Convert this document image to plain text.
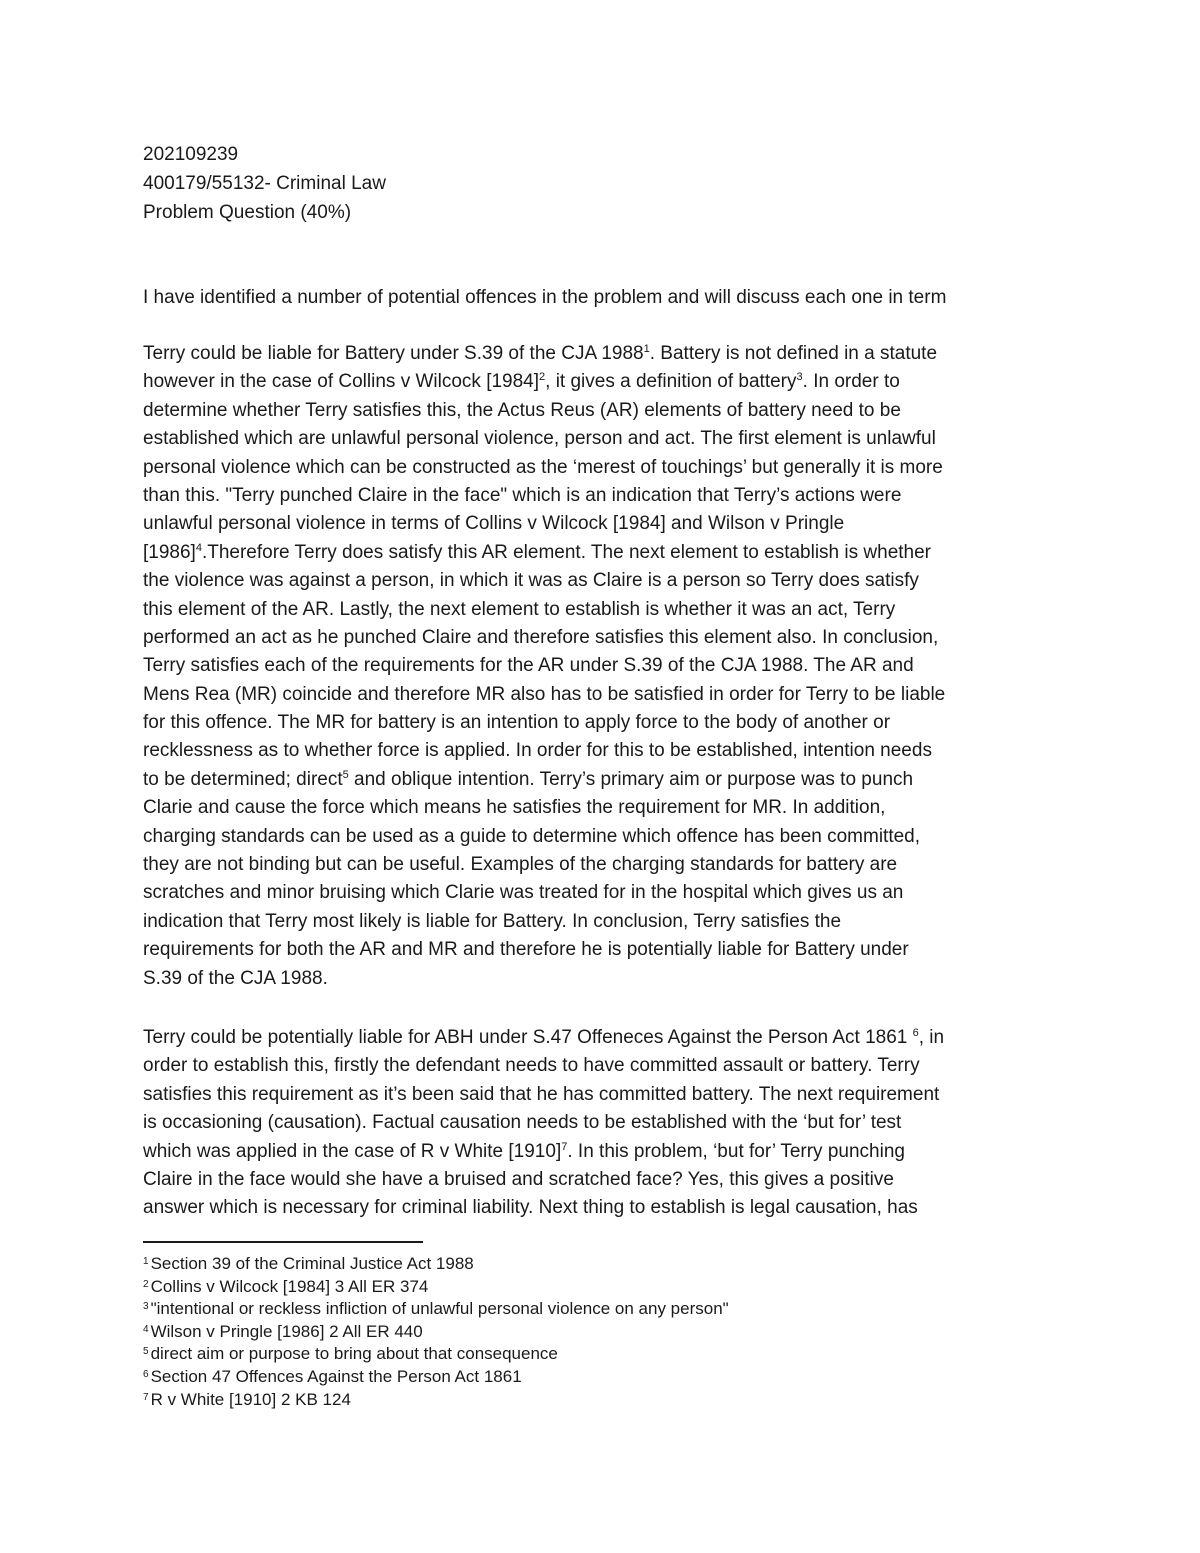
202109239
400179/55132- Criminal Law
Problem Question (40%)
I have identified a number of potential offences in the problem and will discuss each one in term
Terry could be liable for Battery under S.39 of the CJA 1988$^1$. Battery is not defined in a statute
however in the case of Collins v Wilcock $[1984]^2$, it gives a definition of battery$^3$. In order to
determine whether Terry satisfies this, the Actus Reus (AR) elements of battery need to be
established which are unlawful personal violence, person and act. The first element is unlawful
personal violence which can be constructed as the ‘merest of touchings’ but generally it is more
than this. "Terry punched Claire in the face" which is an indication that Terry’s actions were
unlawful personal violence in terms of Collins v Wilcock [1984] and Wilson v Pringle
$[1986]^4.Therefore$ Terry does satisfy this AR element. The next element to establish is whether
the violence was against a person, in which it was as Claire is a person so Terry does satisfy
this element of the AR. Lastly, the next element to establish is whether it was an act, Terry
performed an act as he punched Claire and therefore satisfies this element also. In conclusion,
Terry satisfies each of the requirements for the AR under S.39 of the CJA 1988. The AR and
Mens Rea (MR) coincide and therefore MR also has to be satisfied in order for Terry to be liable
for this offence. The MR for battery is an intention to apply force to the body of another or
recklessness as to whether force is applied. In order for this to be established, intention needs
to be determined; direct$^5$ and oblique intention. Terry’s primary aim or purpose was to punch
Clarie and cause the force which means he satisfies the requirement for MR. In addition,
charging standards can be used as a guide to determine which offence has been committed,
they are not binding but can be useful. Examples of the charging standards for battery are
scratches and minor bruising which Clarie was treated for in the hospital which gives us an
indication that Terry most likely is liable for Battery. In conclusion, Terry satisfies the
requirements for both the AR and MR and therefore he is potentially liable for Battery under
S.39 of the CJA 1988.
Terry could be potentially liable for ABH under S.47 Offeneces Against the Person Act 1861 $^6$, in
order to establish this, firstly the defendant needs to have committed assault or battery. Terry
satisfies this requirement as it’s been said that he has committed battery. The next requirement
is occasioning (causation). Factual causation needs to be established with the ‘but for’ test
which was applied in the case of R v White $[1910]^7$. In this problem, ‘but for’ Terry punching
Claire in the face would she have a bruised and scratched face? Yes, this gives a positive
answer which is necessary for criminal liability. Next thing to establish is legal causation, has
$^1$ Section 39 of the Criminal Justice Act 1988
$^2$ Collins v Wilcock [1984] 3 All ER 374
$^3$ "intentional or reckless infliction of unlawful personal violence on any person"
$^4$ Wilson v Pringle [1986] 2 All ER 440
$^5$ direct aim or purpose to bring about that consequence
$^6$ Section 47 Offences Against the Person Act 1861
$^7$ R v White [1910] 2 KB 124
